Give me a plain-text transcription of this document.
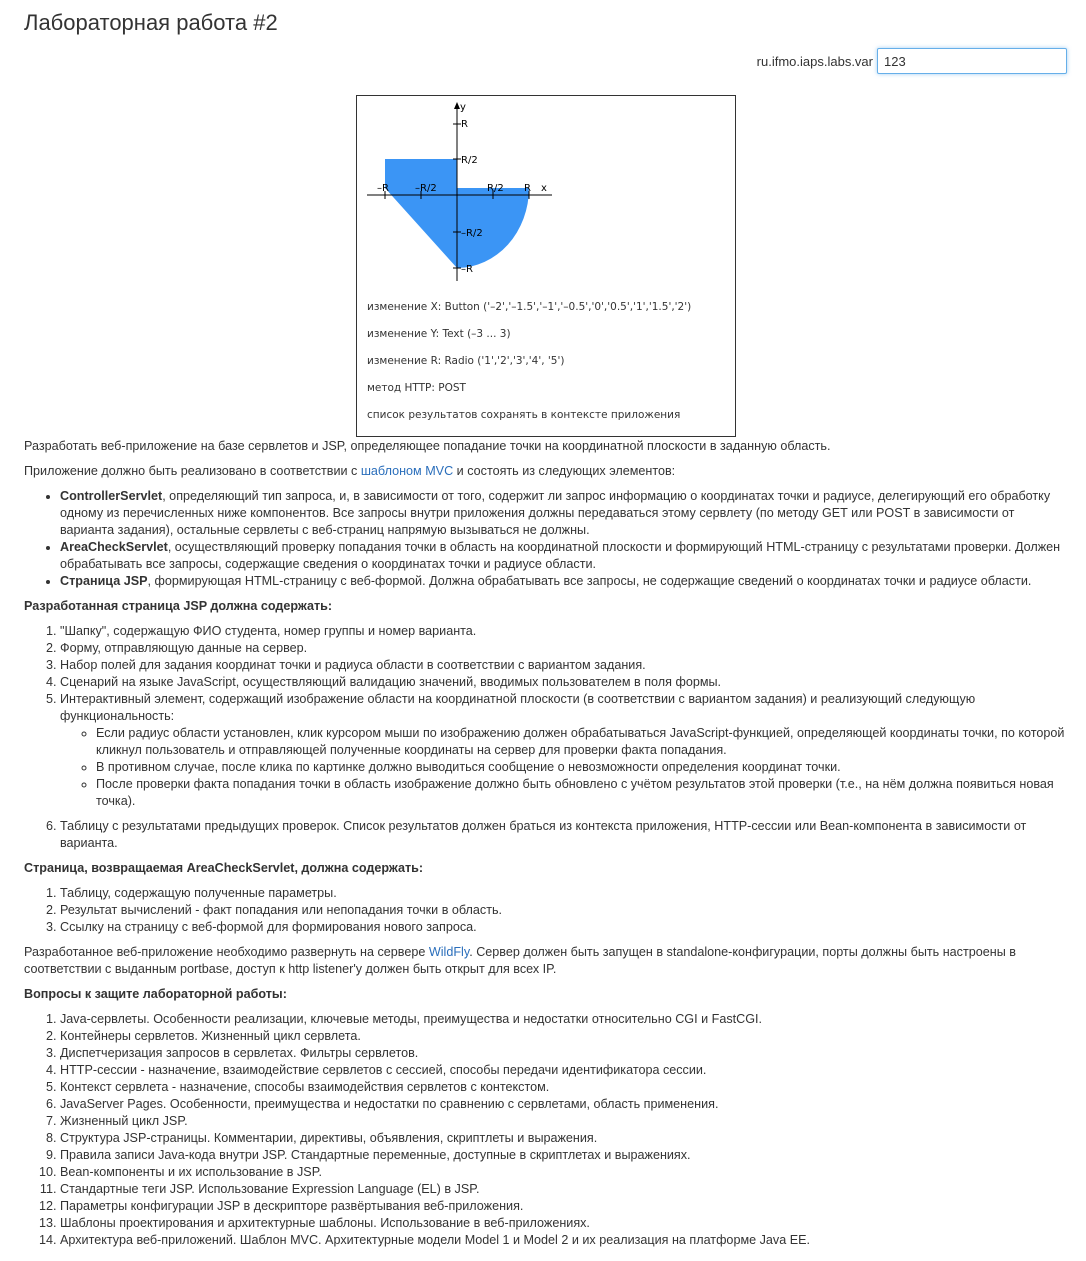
Лабораторная работа #2
ru.ifmo.iaps.labs.var
123
y
R
R/2
–R	–R/2	R/2 R x
–R/2
–R
изменение X: Button ('–2','–1.5','–1','–0.5','0','0.5','1','1.5','2')
изменение Y: Text (–3 ... 3)
изменение R: Radio ('1','2','3','4', '5')
метод HTTP: POST
список результатов сохранять в контексте приложения

Разработать веб-приложение на базе сервлетов и JSP, определяющее попадание точки на координатной плоскости в заданную область.

Приложение должно быть реализовано в соответствии с шаблоном MVC и состоять из следующих элементов:

• ControllerServlet, определяющий тип запроса, и, в зависимости от того, содержит ли запрос информацию о координатах точки и радиусе, делегирующий его обработку одному из перечисленных ниже компонентов. Все запросы внутри приложения должны передаваться этому сервлету (по методу GET или POST в зависимости от варианта задания), остальные сервлеты с веб-страниц напрямую вызываться не должны.
• AreaCheckServlet, осуществляющий проверку попадания точки в область на координатной плоскости и формирующий HTML-страницу с результатами проверки. Должен обрабатывать все запросы, содержащие сведения о координатах точки и радиусе области.
• Страница JSP, формирующая HTML-страницу с веб-формой. Должна обрабатывать все запросы, не содержащие сведений о координатах точки и радиусе области.
Разработанная страница JSP должна содержать:
1. "Шапку", содержащую ФИО студента, номер группы и номер варианта.
2. Форму, отправляющую данные на сервер.
3. Набор полей для задания координат точки и радиуса области в соответствии с вариантом задания.
4. Сценарий на языке JavaScript, осуществляющий валидацию значений, вводимых пользователем в поля формы.
5. Интерактивный элемент, содержащий изображение области на координатной плоскости (в соответствии с вариантом задания) и реализующий следующую функциональность:
◦ Если радиус области установлен, клик курсором мыши по изображению должен обрабатываться JavaScript-функцией, определяющей координаты точки, по которой кликнул пользователь и отправляющей полученные координаты на сервер для проверки факта попадания.
◦ В противном случае, после клика по картинке должно выводиться сообщение о невозможности определения координат точки.
◦ После проверки факта попадания точки в область изображение должно быть обновлено с учётом результатов этой проверки (т.е., на нём должна появиться новая точка).
6. Таблицу с результатами предыдущих проверок. Список результатов должен браться из контекста приложения, HTTP-сессии или Bean-компонента в зависимости от варианта.
Страница, возвращаемая AreaCheckServlet, должна содержать:
1. Таблицу, содержащую полученные параметры.
2. Результат вычислений - факт попадания или непопадания точки в область.
3. Ссылку на страницу с веб-формой для формирования нового запроса.

Разработанное веб-приложение необходимо развернуть на сервере WildFly. Сервер должен быть запущен в standalone-конфигурации, порты должны быть настроены в соответствии с выданным portbase, доступ к http listener'у должен быть открыт для всех IP.

Вопросы к защите лабораторной работы:
1. Java-сервлеты. Особенности реализации, ключевые методы, преимущества и недостатки относительно CGI и FastCGI.
2. Контейнеры сервлетов. Жизненный цикл сервлета.
3. Диспетчеризация запросов в сервлетах. Фильтры сервлетов.
4. HTTP-сессии - назначение, взаимодействие сервлетов с сессией, способы передачи идентификатора сессии.
5. Контекст сервлета - назначение, способы взаимодействия сервлетов с контекстом.
6. JavaServer Pages. Особенности, преимущества и недостатки по сравнению с сервлетами, область применения.
7. Жизненный цикл JSP.
8. Структура JSP-страницы. Комментарии, директивы, объявления, скриптлеты и выражения.
9. Правила записи Java-кода внутри JSP. Стандартные переменные, доступные в скриптлетах и выражениях.
10. Bean-компоненты и их использование в JSP.
11. Стандартные теги JSP. Использование Expression Language (EL) в JSP.
12. Параметры конфигурации JSP в дескрипторе развёртывания веб-приложения.
13. Шаблоны проектирования и архитектурные шаблоны. Использование в веб-приложениях.
14. Архитектура веб-приложений. Шаблон MVC. Архитектурные модели Model 1 и Model 2 и их реализация на платформе Java EE.
